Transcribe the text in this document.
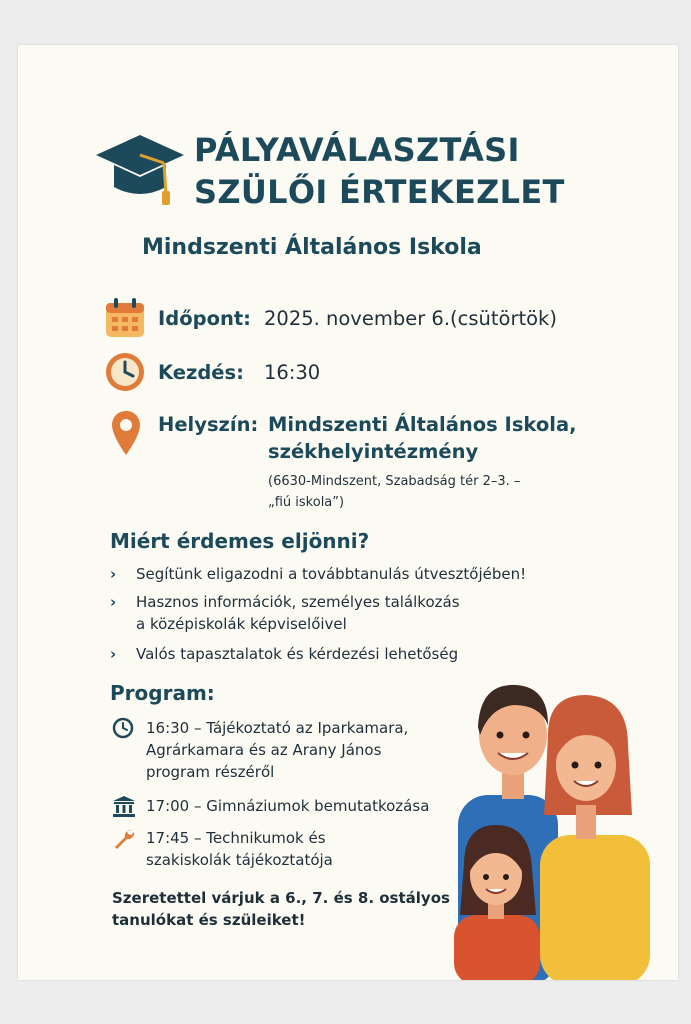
PÁLYAVÁLASZTÁSI
SZÜLŐI ÉRTEKEZLET
Mindszenti Általános Iskola
Időpont: 2025. november 6.(csütörtök)
Kezdés: 16:30
Helyszín: Mindszenti Általános Iskola,
székhelyintézmény
(6630-Mindszent, Szabadság tér 2–3. –
„fiú iskola”)
Miért érdemes eljönni?
› Segítünk eligazodni a továbbtanulás útvesztőjében!
› Hasznos információk, személyes találkozás
a középiskolák képviselőivel
› Valós tapasztalatok és kérdezési lehetőség
Program:
16:30 – Tájékoztató az Iparkamara,
Agrárkamara és az Arany János
program részéről
17:00 – Gimnáziumok bemutatkozása
17:45 – Technikumok és
szakiskolák tájékoztatója
Szeretettel várjuk a 6., 7. és 8. ostályos
tanulókat és szüleiket!
